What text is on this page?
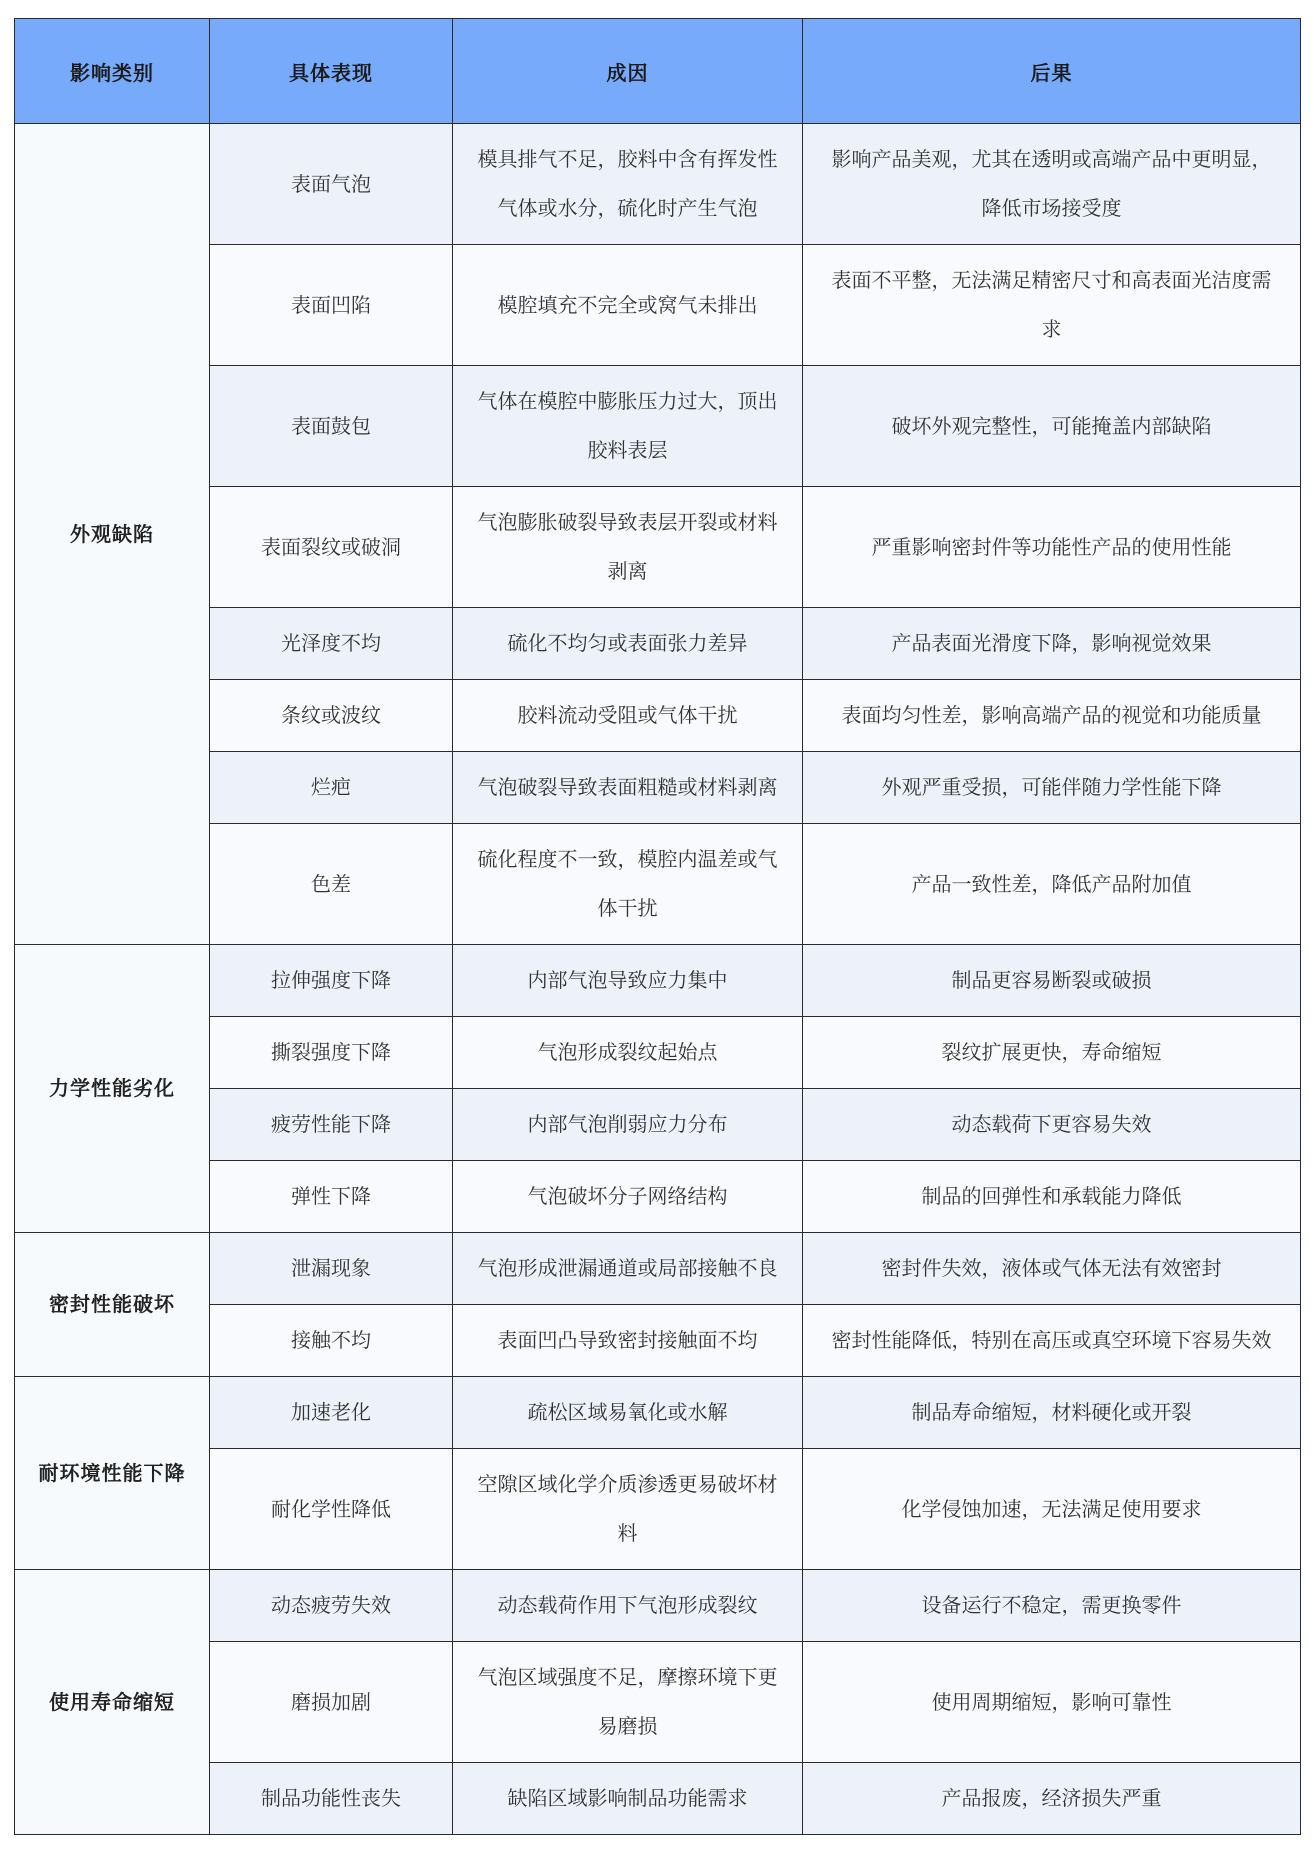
影响类别	具体表现	成因	后果
外观缺陷	表面气泡	模具排气不足，胶料中含有挥发性气体或水分，硫化时产生气泡	影响产品美观，尤其在透明或高端产品中更明显，降低市场接受度
	表面凹陷	模腔填充不完全或窝气未排出	表面不平整，无法满足精密尺寸和高表面光洁度需求
	表面鼓包	气体在模腔中膨胀压力过大，顶出胶料表层	破坏外观完整性，可能掩盖内部缺陷
	表面裂纹或破洞	气泡膨胀破裂导致表层开裂或材料剥离	严重影响密封件等功能性产品的使用性能
	光泽度不均	硫化不均匀或表面张力差异	产品表面光滑度下降，影响视觉效果
	条纹或波纹	胶料流动受阻或气体干扰	表面均匀性差，影响高端产品的视觉和功能质量
	烂疤	气泡破裂导致表面粗糙或材料剥离	外观严重受损，可能伴随力学性能下降
	色差	硫化程度不一致，模腔内温差或气体干扰	产品一致性差，降低产品附加值
力学性能劣化	拉伸强度下降	内部气泡导致应力集中	制品更容易断裂或破损
	撕裂强度下降	气泡形成裂纹起始点	裂纹扩展更快，寿命缩短
	疲劳性能下降	内部气泡削弱应力分布	动态载荷下更容易失效
	弹性下降	气泡破坏分子网络结构	制品的回弹性和承载能力降低
密封性能破坏	泄漏现象	气泡形成泄漏通道或局部接触不良	密封件失效，液体或气体无法有效密封
	接触不均	表面凹凸导致密封接触面不均	密封性能降低，特别在高压或真空环境下容易失效
耐环境性能下降	加速老化	疏松区域易氧化或水解	制品寿命缩短，材料硬化或开裂
	耐化学性降低	空隙区域化学介质渗透更易破坏材料	化学侵蚀加速，无法满足使用要求
使用寿命缩短	动态疲劳失效	动态载荷作用下气泡形成裂纹	设备运行不稳定，需更换零件
	磨损加剧	气泡区域强度不足，摩擦环境下更易磨损	使用周期缩短，影响可靠性
	制品功能性丧失	缺陷区域影响制品功能需求	产品报废，经济损失严重
